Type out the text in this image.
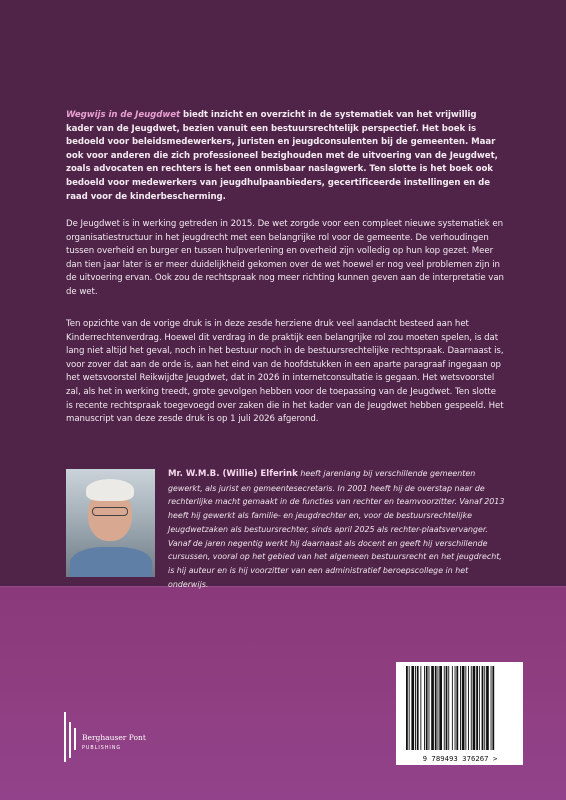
Wegwijs in de Jeugdwet biedt inzicht en overzicht in de systematiek van het vrijwillig kader van de Jeugdwet, bezien vanuit een bestuursrechtelijk perspectief. Het boek is bedoeld voor beleidsmedewerkers, juristen en jeugdconsulenten bij de gemeenten. Maar ook voor anderen die zich professioneel bezighouden met de uitvoering van de Jeugdwet, zoals advocaten en rechters is het een onmisbaar naslagwerk. Ten slotte is het boek ook bedoeld voor medewerkers van jeugdhulpaanbieders, gecertificeerde instellingen en de raad voor de kinderbescherming.

De Jeugdwet is in werking getreden in 2015. De wet zorgde voor een compleet nieuwe systematiek en organisatiestructuur in het jeugdrecht met een belangrijke rol voor de gemeente. De verhoudingen tussen overheid en burger en tussen hulpverlening en overheid zijn volledig op hun kop gezet. Meer dan tien jaar later is er meer duidelijkheid gekomen over de wet hoewel er nog veel problemen zijn in de uitvoering ervan. Ook zou de rechtspraak nog meer richting kunnen geven aan de interpretatie van de wet.

Ten opzichte van de vorige druk is in deze zesde herziene druk veel aandacht besteed aan het Kinderrechtenverdrag. Hoewel dit verdrag in de praktijk een belangrijke rol zou moeten spelen, is dat lang niet altijd het geval, noch in het bestuur noch in de bestuursrechtelijke rechtspraak. Daarnaast is, voor zover dat aan de orde is, aan het eind van de hoofdstukken in een aparte paragraaf ingegaan op het wetsvoorstel Reikwijdte Jeugdwet, dat in 2026 in internetconsultatie is gegaan. Het wetsvoorstel zal, als het in werking treedt, grote gevolgen hebben voor de toepassing van de Jeugdwet. Ten slotte is recente rechtspraak toegevoegd over zaken die in het kader van de Jeugdwet hebben gespeeld. Het manuscript van deze zesde druk is op 1 juli 2026 afgerond.

Mr. W.M.B. (Willie) Elferink heeft jarenlang bij verschillende gemeenten gewerkt, als jurist en gemeentesecretaris. In 2001 heeft hij de overstap naar de rechterlijke macht gemaakt in de functies van rechter en teamvoorzitter. Vanaf 2013 heeft hij gewerkt als familie- en jeugdrechter en, voor de bestuursrechtelijke Jeugdwetzaken als bestuursrechter, sinds april 2025 als rechter-plaatsvervanger. Vanaf de jaren negentig werkt hij daarnaast als docent en geeft hij verschillende cursussen, vooral op het gebied van het algemeen bestuursrecht en het jeugdrecht, is hij auteur en is hij voorzitter van een administratief beroepscollege in het onderwijs.

Berghauser Pont
PUBLISHING
9 789493 376267 >
